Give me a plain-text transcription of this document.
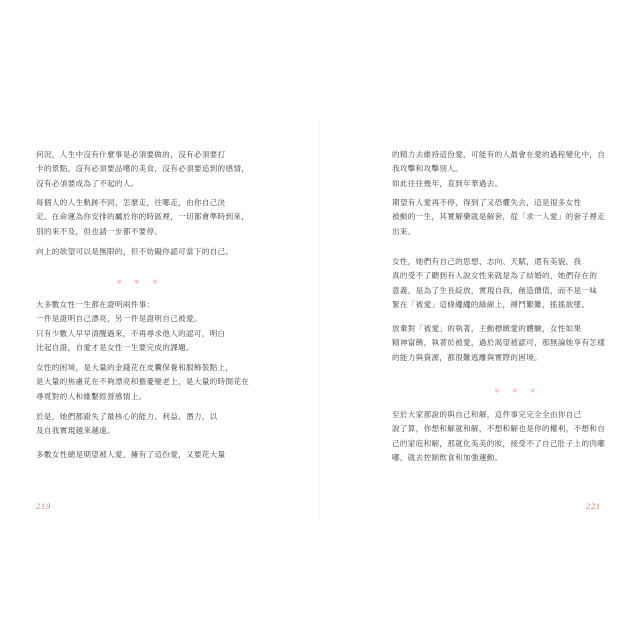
何況，人生中沒有什麼事是必須要做的，沒有必須要打
卡的景點，沒有必須要品嚐的美食，沒有必須要追到的感情，
沒有必須要成為了不起的人。
每個人的人生軌跡不同，怎麼走，往哪走，由你自己決
定。在命運為你安排的屬於你的時區裡，一切都會準時到來，
別的來不及，但也請一步都不要停。
向上的欲望可以是無限的，但不妨礙你認可當下的自己。
＊ ＊ ＊
大多數女性一生都在證明兩件事：
一件是證明自己漂亮，另一件是證明自己被愛。
只有少數人早早清醒過來，不再尋求他人的認可，明白
比起自證，自愛才是女性一生要完成的課題。
女性的困境，是大量的金錢花在皮囊保養和服飾裝點上，
是大量的焦慮花在不夠漂亮和擔憂變老上，是大量的時間花在
尋覓對的人和維繫經營感情上。
於是，她們都錯失了最核心的能力、利益、潛力，以
及自我實現越來越遠。
多數女性總是期望被人愛，擁有了這份愛，又要花大量
219
的精力去維持這份愛，可能有的人最會在愛的過程變化中，自
我攻擊和攻擊別人。
如此往往幾年，直到年華過去。
期望有人愛再不停，得到了又恐懼失去，這是很多女性
被動的一生，其實解藥就是解套，從「求一人愛」的套子裡走
出來。
女性，她們有自己的思想、志向、天賦，還有美貌，我
真的受不了聽到有人說女性來就是為了結婚的，她們存在的
意義，是為了生長綻放，實現自我，創造價值，而不是一味
緊在「被愛」這條繩繩的綠線上，搏鬥艱難，搖搖欲墜。
放棄對「被愛」的執著，主動標緻愛的體驗，女性如果
精神富饒，執著於被愛，過於渴望被認可，那無論她享有怎樣
的能力與資源，都很難逃離與實際的困境。
＊ ＊ ＊
至於大家都說的與自己和解，這件事完完全全由你自己
說了算，你想和解就和解，不想和解也是你的權利，不想和自
己的家庭和解，那就化美美的妝，接受不了自己肚子上的肉嘟
嘟，就去控制飲食和加強運動。
221
